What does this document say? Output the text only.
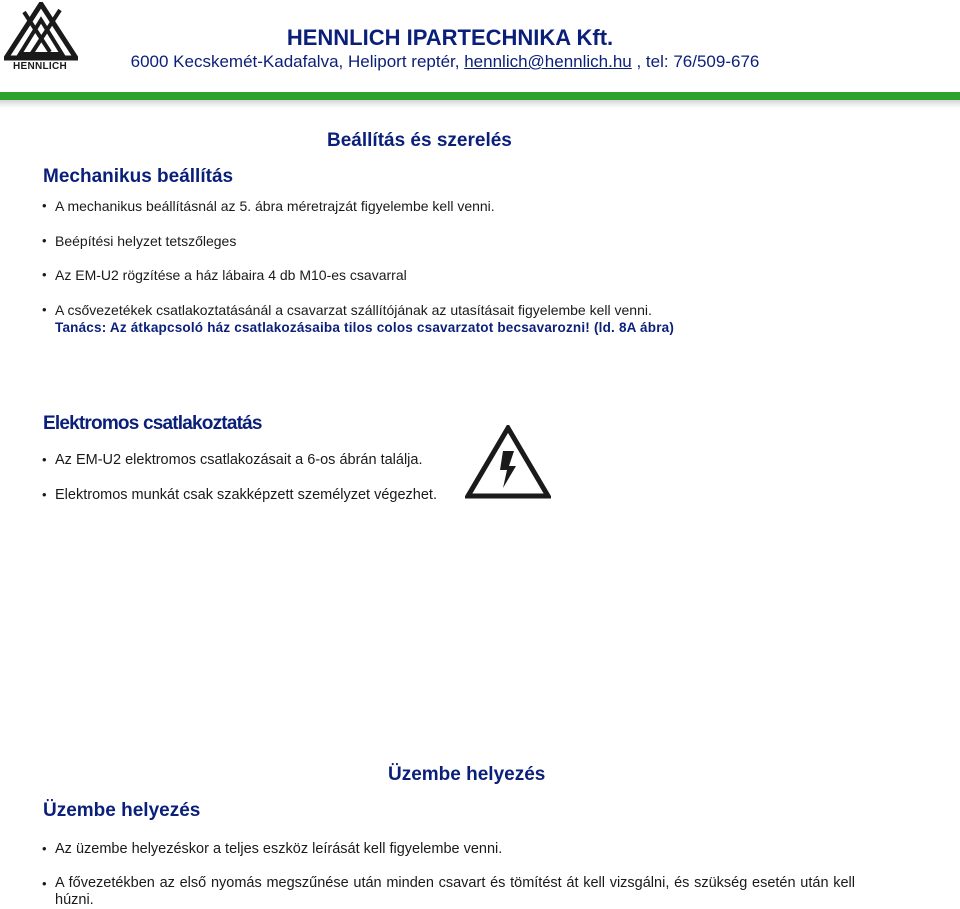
HENNLICH
HENNLICH IPARTECHNIKA Kft.
6000 Kecskemét-Kadafalva, Heliport reptér, hennlich@hennlich.hu , tel: 76/509-676
Beállítás és szerelés
Mechanikus beállítás
• A mechanikus beállításnál az 5. ábra méretrajzát figyelembe kell venni.
• Beépítési helyzet tetszőleges
• Az EM-U2 rögzítése a ház lábaira 4 db M10-es csavarral
• A csővezetékek csatlakoztatásánál a csavarzat szállítójának az utasításait figyelembe kell venni.
Tanács: Az átkapcsoló ház csatlakozásaiba tilos colos csavarzatot becsavarozni! (ld. 8A ábra)
Elektromos csatlakoztatás
• Az EM-U2 elektromos csatlakozásait a 6-os ábrán találja.
• Elektromos munkát csak szakképzett személyzet végezhet.
Üzembe helyezés
Üzembe helyezés
• Az üzembe helyezéskor a teljes eszköz leírását kell figyelembe venni.
• A fővezetékben az első nyomás megszűnése után minden csavart és tömítést át kell vizsgálni, és szükség esetén után kell húzni.
